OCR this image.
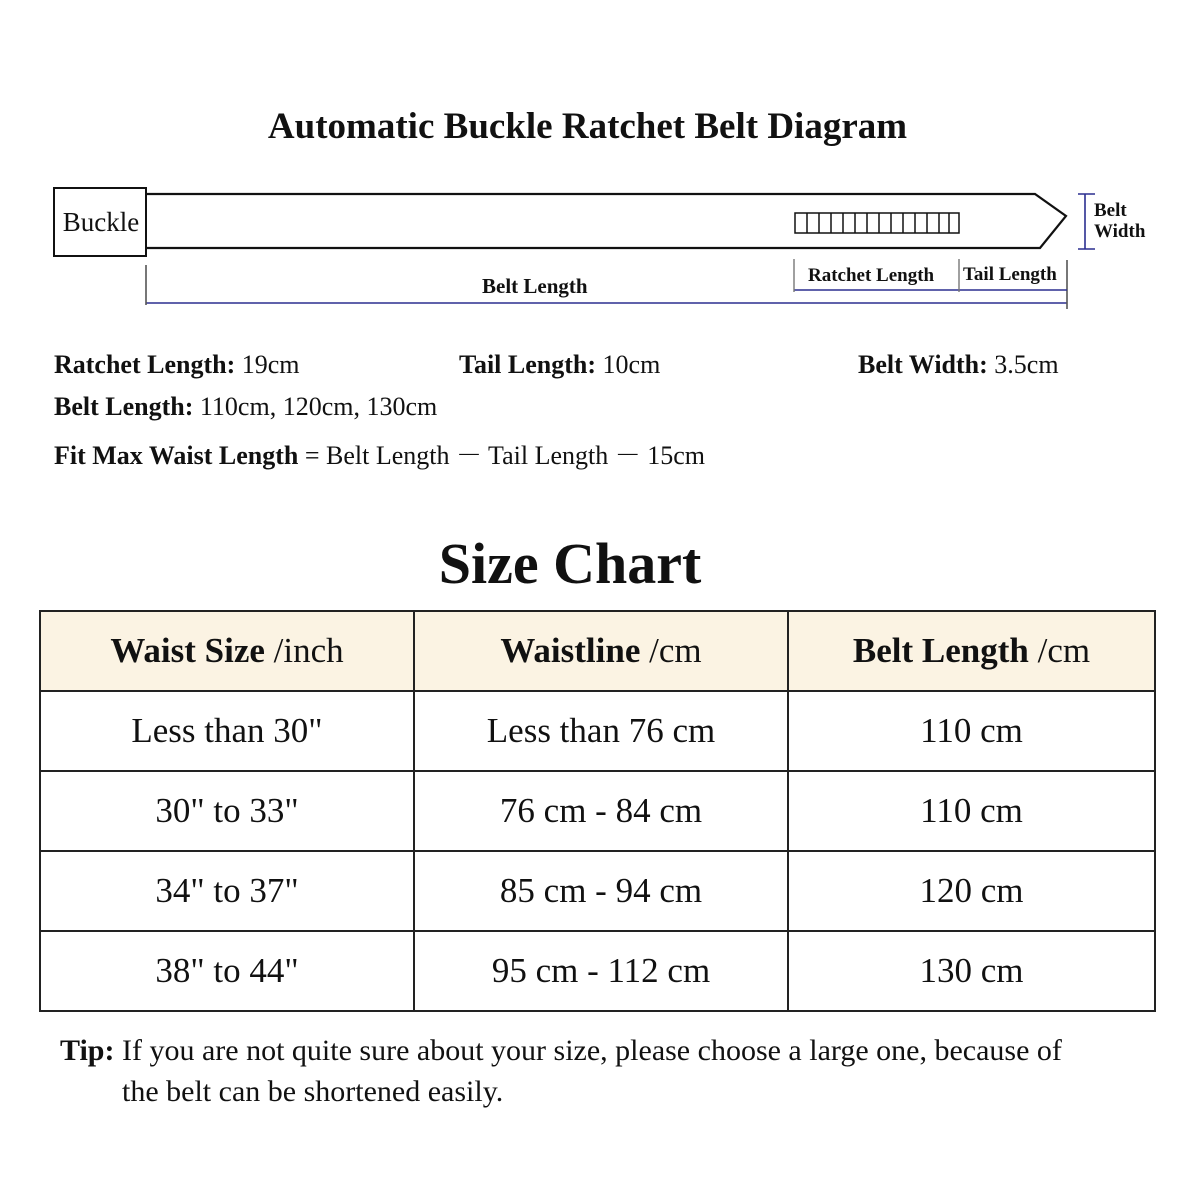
Automatic Buckle Ratchet Belt Diagram
Buckle
Belt Length	Ratchet Length Tail Length
Belt
Width
Ratchet Length: 19cm	Tail Length: 10cm	Belt Width: 3.5cm
Belt Length: 110cm, 120cm, 130cm
Fit Max Waist Length = Belt Length － Tail Length － 15cm
Size Chart
Waist Size /inch	Waistline /cm	Belt Length /cm
Less than 30"	Less than 76 cm	110 cm
30" to 33"	76 cm - 84 cm	110 cm
34" to 37"	85 cm - 94 cm	120 cm
38" to 44"	95 cm - 112 cm	130 cm
Tip: If you are not quite sure about your size, please choose a large one, because of
the belt can be shortened easily.
